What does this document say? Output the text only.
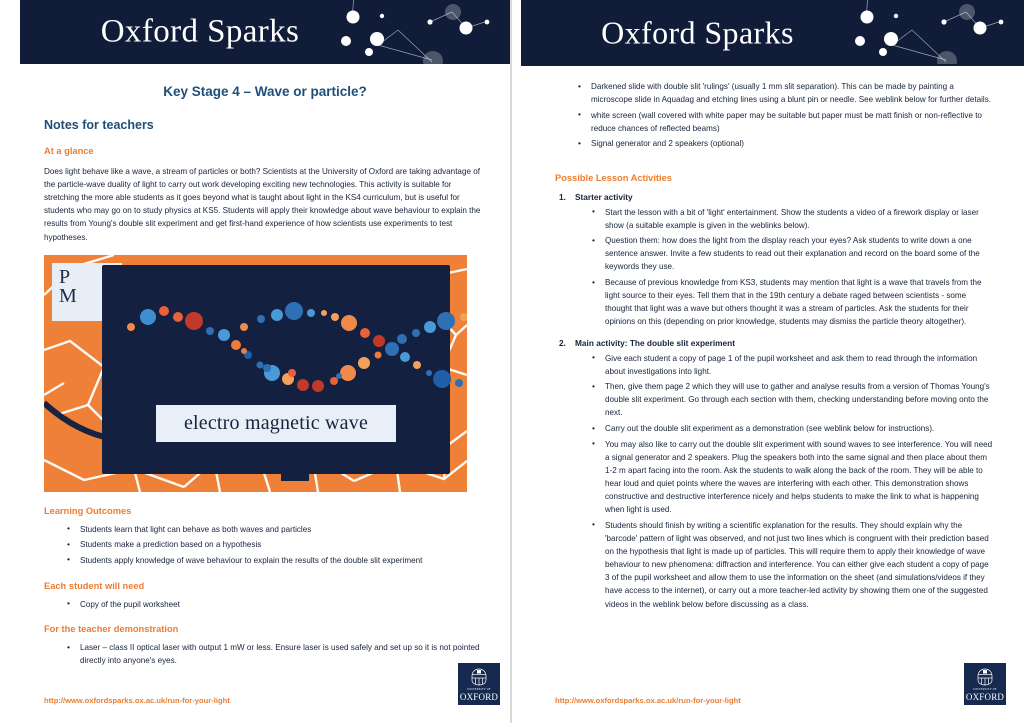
Oxford Sparks
Key Stage 4 – Wave or particle?
Notes for teachers
At a glance

Does light behave like a wave, a stream of particles or both? Scientists at the University of Oxford are taking advantage of the particle-wave duality of light to carry out work developing exciting new technologies. This activity is suitable for stretching the more able students as it goes beyond what is taught about light in the KS4 curriculum, but is useful for students who may go on to study physics at KS5. Students will apply their knowledge about wave behaviour to explain the results from Young's double slit experiment and get first-hand experience of how scientists use experiments to test hypotheses.

P
M
electro magnetic wave
Learning Outcomes
• Students learn that light can behave as both waves and particles
• Students make a prediction based on a hypothesis
• Students apply knowledge of wave behaviour to explain the results of the double slit experiment
Each student will need
• Copy of the pupil worksheet
For the teacher demonstration
• Laser – class II optical laser with output 1 mW or less. Ensure laser is used safely and set up so it is not pointed directly into anyone's eyes.
http://www.oxfordsparks.ox.ac.uk/run-for-your-light
UNIVERSITY OF
OXFORD
Oxford Sparks
• Darkened slide with double slit 'rulings' (usually 1 mm slit separation). This can be made by painting a microscope slide in Aquadag and etching lines using a blunt pin or needle. See weblink below for further details.
• white screen (wall covered with white paper may be suitable but paper must be matt finish or non-reflective to reduce chances of reflected beams)
• Signal generator and 2 speakers (optional)
Possible Lesson Activities
Starter activity
• Start the lesson with a bit of 'light' entertainment. Show the students a video of a firework display or laser show (a suitable example is given in the weblinks below).
• Question them: how does the light from the display reach your eyes? Ask students to write down a one sentence answer. Invite a few students to read out their explanation and record on the board some of the keywords they use.
• Because of previous knowledge from KS3, students may mention that light is a wave that travels from the light source to their eyes. Tell them that in the 19th century a debate raged between scientists - some thought that light was a wave but others thought it was a stream of particles. Ask the students for their opinions on this (depending on prior knowledge, students may dismiss the particle theory altogether).
Main activity: The double slit experiment
• Give each student a copy of page 1 of the pupil worksheet and ask them to read through the information about investigations into light.
• Then, give them page 2 which they will use to gather and analyse results from a version of Thomas Young's double slit experiment. Go through each section with them, checking understanding before moving onto the next.
• Carry out the double slit experiment as a demonstration (see weblink below for instructions).
• You may also like to carry out the double slit experiment with sound waves to see interference. You will need a signal generator and 2 speakers. Plug the speakers both into the same signal and then place about them 1-2 m apart facing into the room. Ask the students to walk along the back of the room. They will be able to hear loud and quiet points where the waves are interfering with each other. This demonstration shows constructive and destructive interference nicely and helps students to make the link to what is happening when light is used.
• Students should finish by writing a scientific explanation for the results. They should explain why the 'barcode' pattern of light was observed, and not just two lines which is congruent with their prediction based on the hypothesis that light is made up of particles. This will require them to apply their knowledge of wave behaviour to new phenomena: diffraction and interference. You can either give each student a copy of page 3 of the pupil worksheet and allow them to use the information on the sheet (and simulations/videos if they have access to the internet), or carry out a more teacher-led activity by showing them one of the suggested videos in the weblink below before discussing as a class.
http://www.oxfordsparks.ox.ac.uk/run-for-your-light
UNIVERSITY OF
OXFORD
